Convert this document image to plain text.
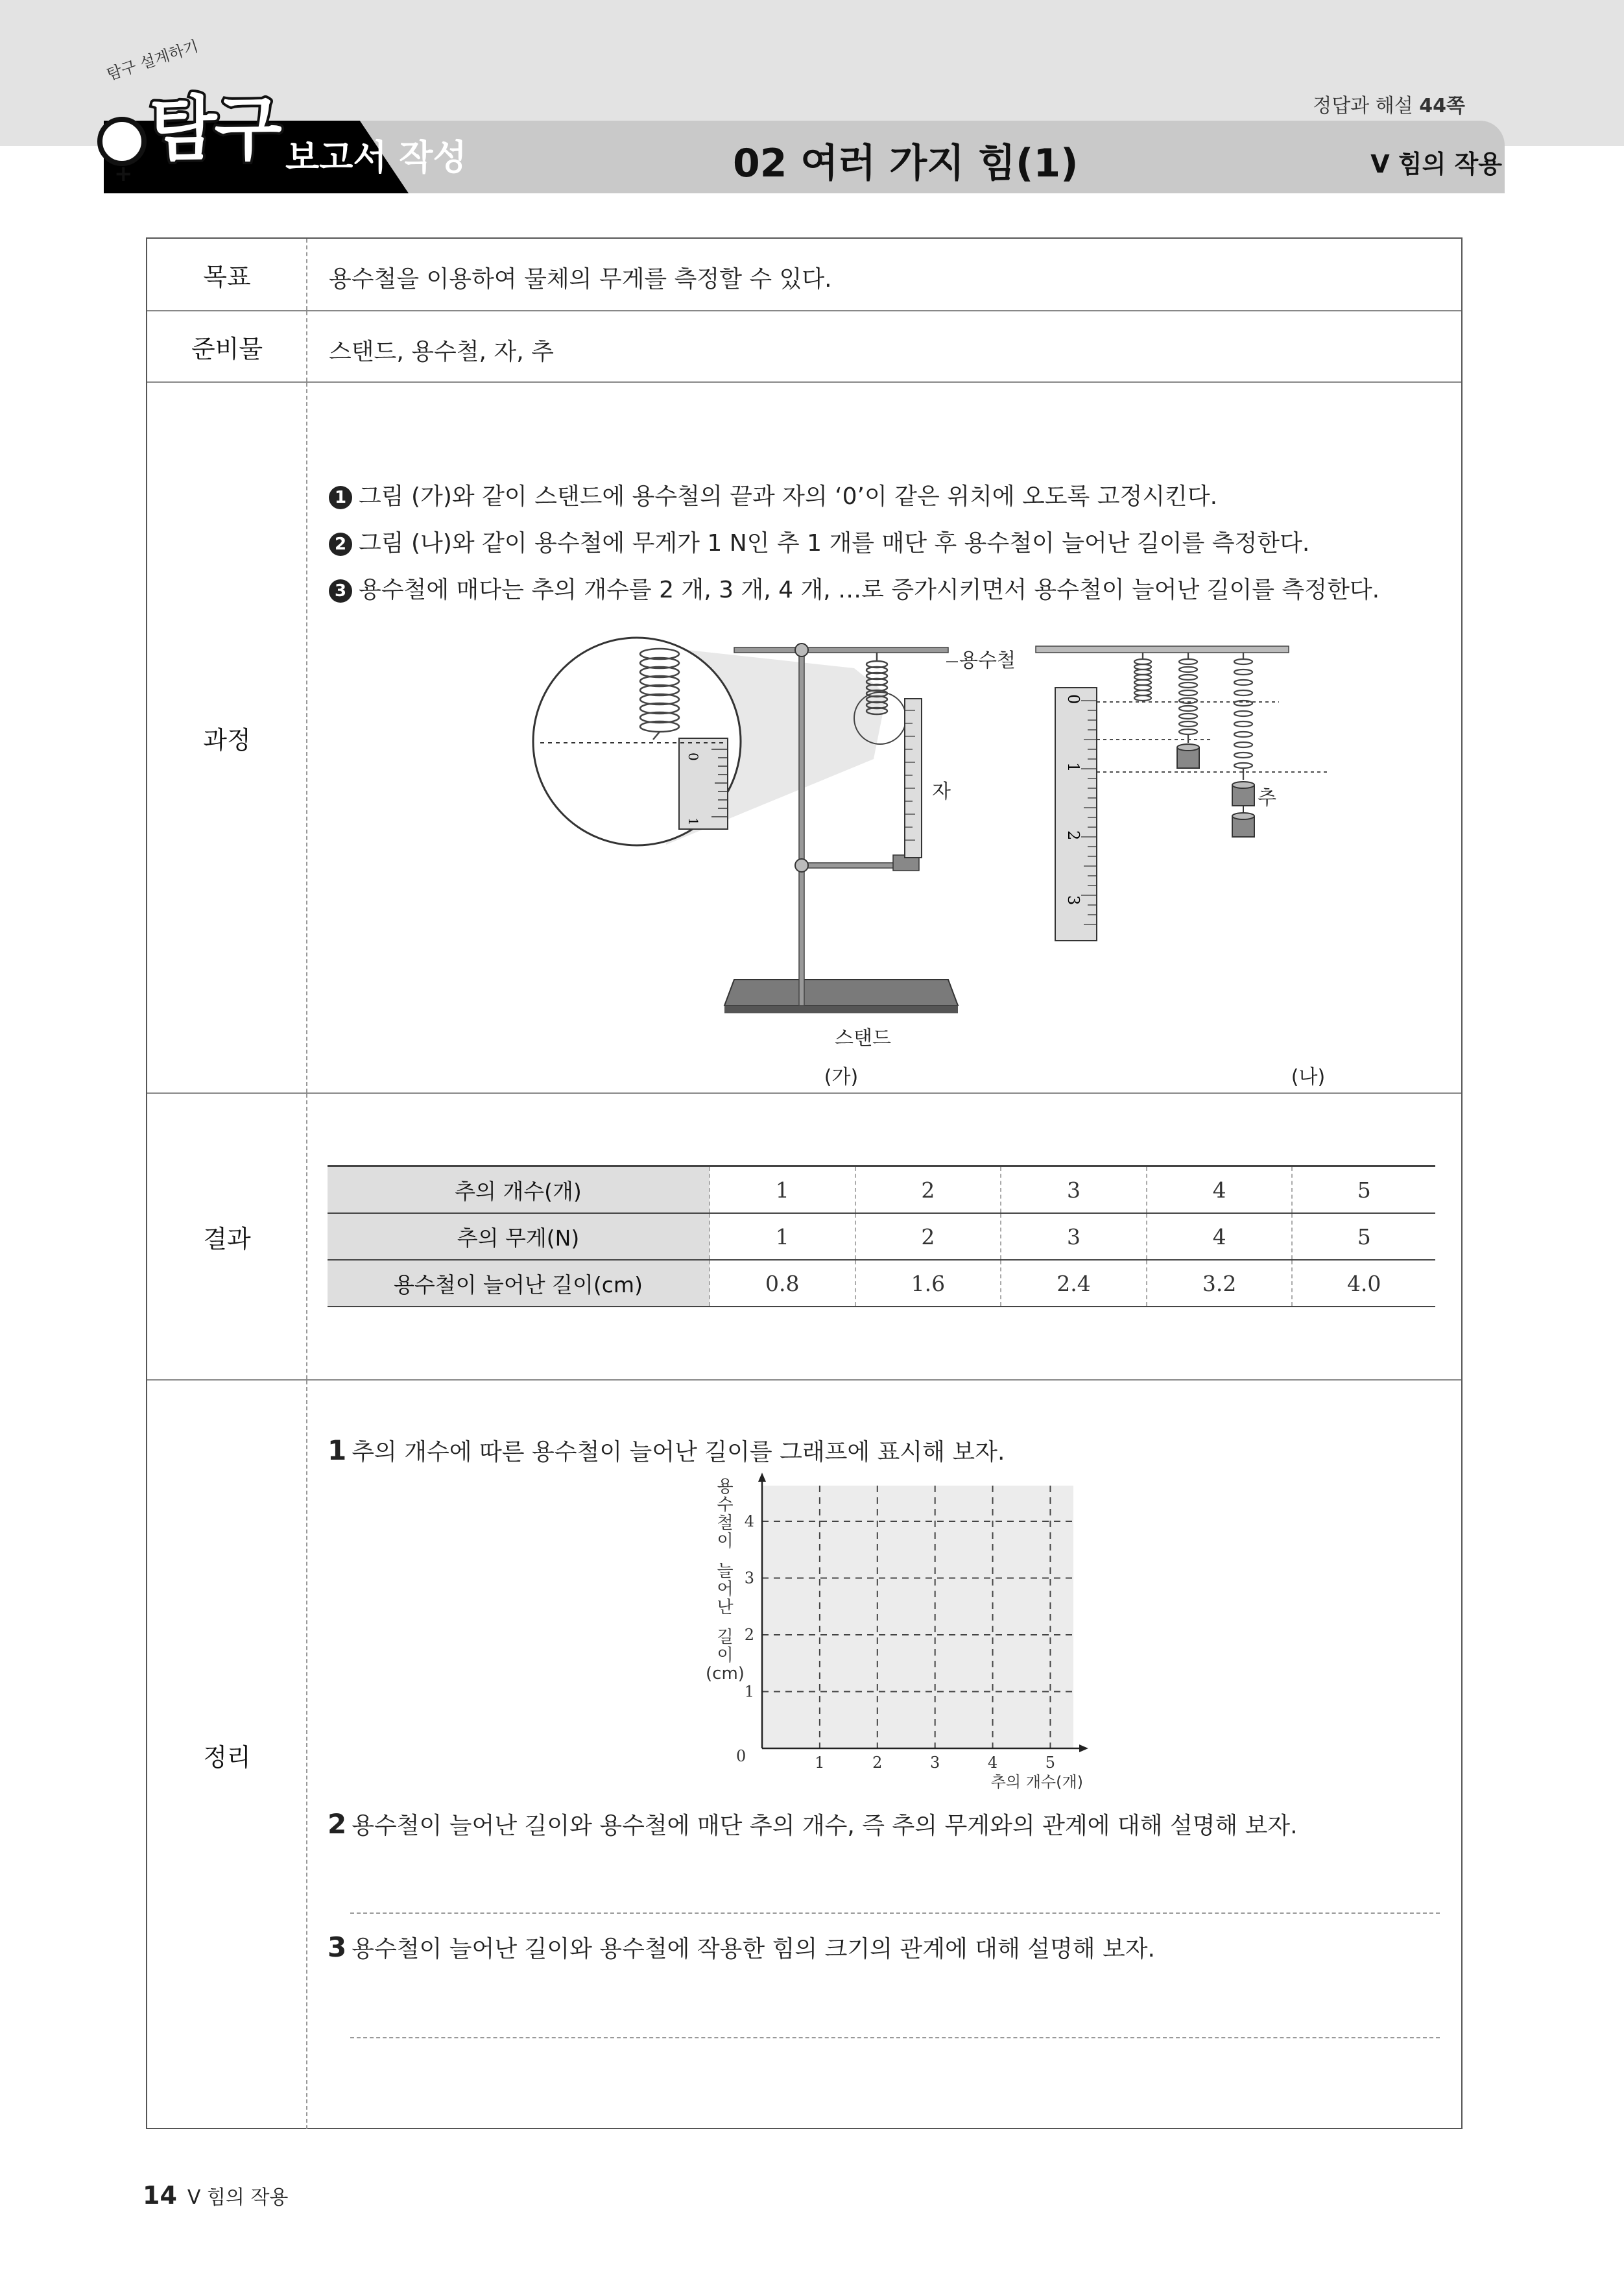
정답과 해설 44쪽
탐구 설계하기
+
탐구 보고서 작성	02 여러 가지 힘(1)	V 힘의 작용
목표	용수철을 이용하여 물체의 무게를 측정할 수 있다.
준비물	스탠드, 용수철, 자, 추
과정
1 그림 (가)와 같이 스탠드에 용수철의 끝과 자의 ‘0’이 같은 위치에 오도록 고정시킨다.
2 그림 (나)와 같이 용수철에 무게가 1 N인 추 1 개를 매단 후 용수철이 늘어난 길이를 측정한다.
3 용수철에 매다는 추의 개수를 2 개, 3 개, 4 개, …로 증가시키면서 용수철이 늘어난 길이를 측정한다.
0
1
용수철
자
스탠드
(가)
0
1
2
3
추
(나)
결과
정리
추의 개수(개)	1	2	3	4	5
추의 무게(N)	1	2	3	4	5
용수철이 늘어난 길이(cm)	0.8	1.6	2.4	3.2	4.0
1 추의 개수에 따른 용수철이 늘어난 길이를 그래프에 표시해 보자.
2 용수철이 늘어난 길이와 용수철에 매단 추의 개수, 즉 추의 무게와의 관계에 대해 설명해 보자.
3 용수철이 늘어난 길이와 용수철에 작용한 힘의 크기의 관계에 대해 설명해 보자.
1	2	3	4	5
1
2
3
4
0
추의 개수(개)
용
수
철
이
늘
어
난
길
이
(cm)
14 V 힘의 작용
